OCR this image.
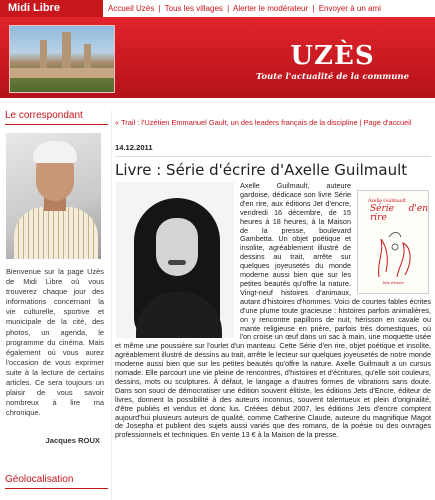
Midi Libre	Accueil Uzès | Tous les villages | Alerter le modérateur | Envoyer à un ami
UZÈS
Toute l'actualité de la commune
Le correspondant
Bienvenue sur la page Uzès de Midi Libre où vous trouverez chaque jour des informations concernant la vie culturelle, sportive et municipale de la cité, des photos, un agenda, le programme du cinéma. Mais également où vous aurez l'occasion de vous exprimer suite à la lecture de certains articles. Ce sera toujours un plaisir de vous savoir nombreux à lire ma chronique.
Jacques ROUX
Géolocalisation
« Trail : l'Uzétien Emmanuel Gault, un des leaders français de la discipline | Page d'accueil
14.12.2011
Livre : Série d'écrire d'Axelle Guilmault
Axelle Guilmault
Série d'en rire
Jets d'encre
Axelle Guilmault, auteure gardoise, dédicace son livre Série d'en rire, aux éditions Jet d'encre, vendredi 16 décembre, de 15 heures à 18 heures, à la Maison de la presse, boulevard Gambetta. Un objet poétique et insolite, agréablement illustré de dessins au trait, arrête sur quelques joyeusetés du monde moderne aussi bien que sur les petites beautés qu'offre la nature. Vingt-neuf histoires d'animaux, autant d'histoires d'hommes. Voici de courtes fables écrites d'une plume toute gracieuse : histoires parfois animalières, on y rencontre papillons de nuit, hérisson en cavale ou mante religieuse en prière, parfois très domestiques, où l'on croise un œuf dans un sac à main, une moquette usée et même une poussière sur l'ourlet d'un manteau. Cette Série d'en rire, objet poétique et insolite, agréablement illustré de dessins au trait, arrête le lecteur sur quelques joyeusetés de notre monde moderne aussi bien que sur les petites beautés qu'offre la nature. Axelle Guilmault a un cursus nomade. Elle parcourt une vie pleine de rencontres, d'histoires et d'écritures, qu'elle soit couleurs, dessins, mots ou sculptures. À défaut, le langage a d'autres formes de vibrations sans doute. Dans son souci de démocratiser une édition souvent élitiste, les éditions Jets d'Encre, éditeur de livres, donnent la possibilité à des auteurs inconnus, souvent talentueux et plein d'originalité, d'être publiés et vendus et donc lus. Créées début 2007, les éditions Jets d'encre comptent aujourd'hui plusieurs auteurs de qualité, comme Catherine Claude, auteure du magnifique Magot de Josepha et publient des sujets aussi variés que des romans, de la poésie ou des ouvrages professionnels et techniques. En vente 13 € à la Maison de la presse.
